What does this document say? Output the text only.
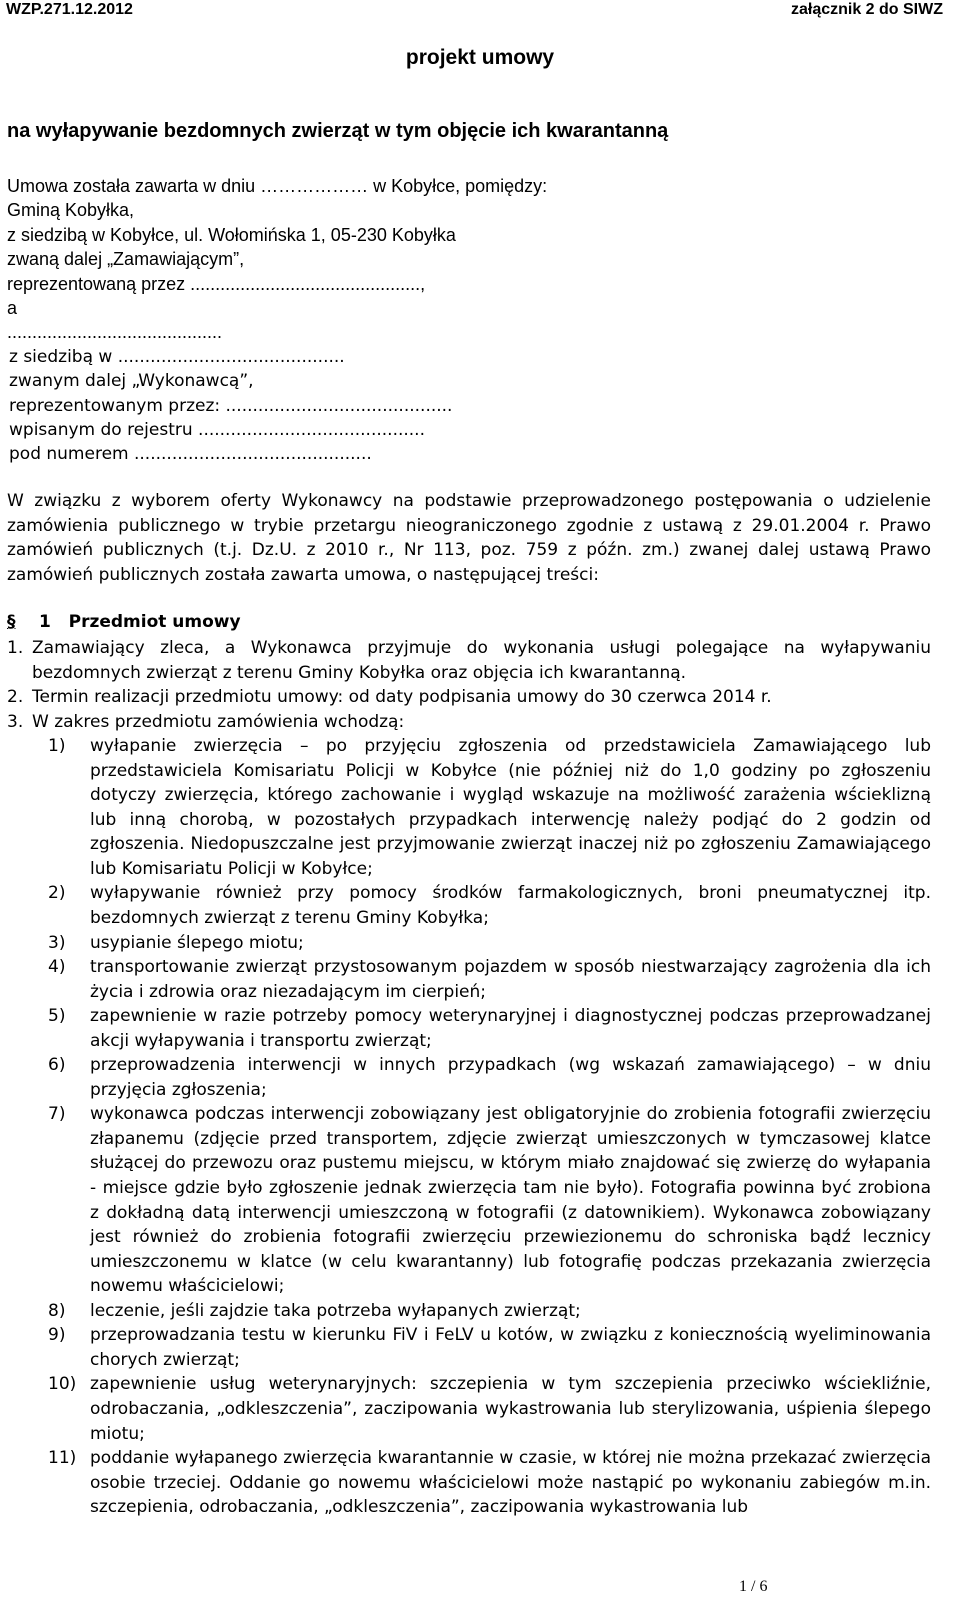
WZP.271.12.2012	załącznik 2 do SIWZ
projekt umowy
na wyłapywanie bezdomnych zwierząt w tym objęcie ich kwarantanną
Umowa została zawarta w dniu ……………… w Kobyłce, pomiędzy:
Gminą Kobyłka,
z siedzibą w Kobyłce, ul. Wołomińska 1, 05-230 Kobyłka
zwaną dalej „Zamawiającym”,
reprezentowaną przez ..............................................,
a
...........................................
z siedzibą w ..........................................
zwanym dalej „Wykonawcą”,
reprezentowanym przez: ..........................................
wpisanym do rejestru ..........................................
pod numerem ............................................
W związku z wyborem oferty Wykonawcy na podstawie przeprowadzonego postępowania o udzielenie zamówienia publicznego w trybie przetargu nieograniczonego zgodnie z ustawą z 29.01.2004 r. Prawo zamówień publicznych (t.j. Dz.U. z 2010 r., Nr 113, poz. 759 z późn. zm.) zwanej dalej ustawą Prawo zamówień publicznych została zawarta umowa, o następującej treści:
§ 1 Przedmiot umowy
1. Zamawiający zleca, a Wykonawca przyjmuje do wykonania usługi polegające na wyłapywaniu bezdomnych zwierząt z terenu Gminy Kobyłka oraz objęcia ich kwarantanną.
2. Termin realizacji przedmiotu umowy: od daty podpisania umowy do 30 czerwca 2014 r.
3. W zakres przedmiotu zamówienia wchodzą:
1) wyłapanie zwierzęcia – po przyjęciu zgłoszenia od przedstawiciela Zamawiającego lub przedstawiciela Komisariatu Policji w Kobyłce (nie później niż do 1,0 godziny po zgłoszeniu dotyczy zwierzęcia, którego zachowanie i wygląd wskazuje na możliwość zarażenia wścieklizną lub inną chorobą, w pozostałych przypadkach interwencję należy podjąć do 2 godzin od zgłoszenia. Niedopuszczalne jest przyjmowanie zwierząt inaczej niż po zgłoszeniu Zamawiającego lub Komisariatu Policji w Kobyłce;
2) wyłapywanie również przy pomocy środków farmakologicznych, broni pneumatycznej itp. bezdomnych zwierząt z terenu Gminy Kobyłka;
3) usypianie ślepego miotu;
4) transportowanie zwierząt przystosowanym pojazdem w sposób niestwarzający zagrożenia dla ich życia i zdrowia oraz niezadającym im cierpień;
5) zapewnienie w razie potrzeby pomocy weterynaryjnej i diagnostycznej podczas przeprowadzanej akcji wyłapywania i transportu zwierząt;
6) przeprowadzenia interwencji w innych przypadkach (wg wskazań zamawiającego) – w dniu przyjęcia zgłoszenia;
7) wykonawca podczas interwencji zobowiązany jest obligatoryjnie do zrobienia fotografii zwierzęciu złapanemu (zdjęcie przed transportem, zdjęcie zwierząt umieszczonych w tymczasowej klatce służącej do przewozu oraz pustemu miejscu, w którym miało znajdować się zwierzę do wyłapania - miejsce gdzie było zgłoszenie jednak zwierzęcia tam nie było). Fotografia powinna być zrobiona z dokładną datą interwencji umieszczoną w fotografii (z datownikiem). Wykonawca zobowiązany jest również do zrobienia fotografii zwierzęciu przewiezionemu do schroniska bądź lecznicy umieszczonemu w klatce (w celu kwarantanny) lub fotografię podczas przekazania zwierzęcia nowemu właścicielowi;
8) leczenie, jeśli zajdzie taka potrzeba wyłapanych zwierząt;
9) przeprowadzania testu w kierunku FiV i FeLV u kotów, w związku z koniecznością wyeliminowania chorych zwierząt;
10) zapewnienie usług weterynaryjnych: szczepienia w tym szczepienia przeciwko wściekliźnie, odrobaczania, „odkleszczenia”, zaczipowania wykastrowania lub sterylizowania, uśpienia ślepego miotu;
11) poddanie wyłapanego zwierzęcia kwarantannie w czasie, w której nie można przekazać zwierzęcia osobie trzeciej. Oddanie go nowemu właścicielowi może nastąpić po wykonaniu zabiegów m.in. szczepienia, odrobaczania, „odkleszczenia”, zaczipowania wykastrowania lub
1 / 6
